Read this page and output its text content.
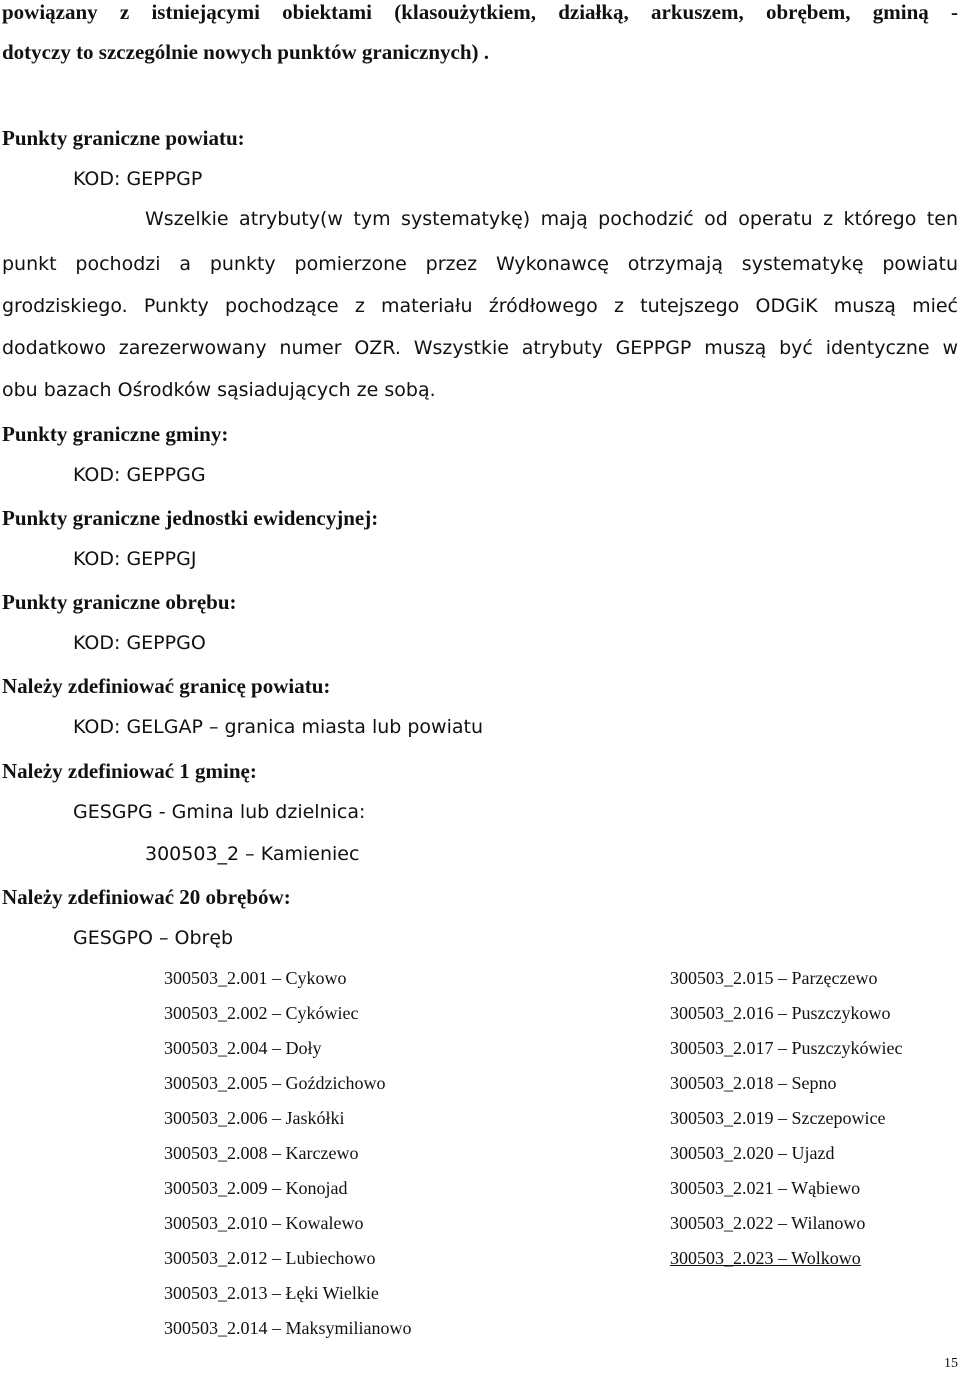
powiązany z istniejącymi obiektami (klasoużytkiem, działką, arkuszem, obrębem, gminą -
dotyczy to szczególnie nowych punktów granicznych) .
Punkty graniczne powiatu:
KOD: GEPPGP
Wszelkie atrybuty(w tym systematykę) mają pochodzić od operatu z którego ten
punkt pochodzi a punkty pomierzone przez Wykonawcę otrzymają systematykę powiatu
grodziskiego. Punkty pochodzące z materiału źródłowego z tutejszego ODGiK muszą mieć
dodatkowo zarezerwowany numer OZR. Wszystkie atrybuty GEPPGP muszą być identyczne w
obu bazach Ośrodków sąsiadujących ze sobą.
Punkty graniczne gminy:
KOD: GEPPGG
Punkty graniczne jednostki ewidencyjnej:
KOD: GEPPGJ
Punkty graniczne obrębu:
KOD: GEPPGO
Należy zdefiniować granicę powiatu:
KOD: GELGAP – granica miasta lub powiatu
Należy zdefiniować 1 gminę:
GESGPG - Gmina lub dzielnica:
300503_2 – Kamieniec
Należy zdefiniować 20 obrębów:
GESGPO – Obręb
300503_2.001 – Cykowo
300503_2.002 – Cykówiec
300503_2.004 – Doły
300503_2.005 – Goździchowo
300503_2.006 – Jaskółki
300503_2.008 – Karczewo
300503_2.009 – Konojad
300503_2.010 – Kowalewo
300503_2.012 – Lubiechowo
300503_2.013 – Łęki Wielkie
300503_2.014 – Maksymilianowo
300503_2.015 – Parzęczewo
300503_2.016 – Puszczykowo
300503_2.017 – Puszczykówiec
300503_2.018 – Sepno
300503_2.019 – Szczepowice
300503_2.020 – Ujazd
300503_2.021 – Wąbiewo
300503_2.022 – Wilanowo
300503_2.023 – Wolkowo
15
